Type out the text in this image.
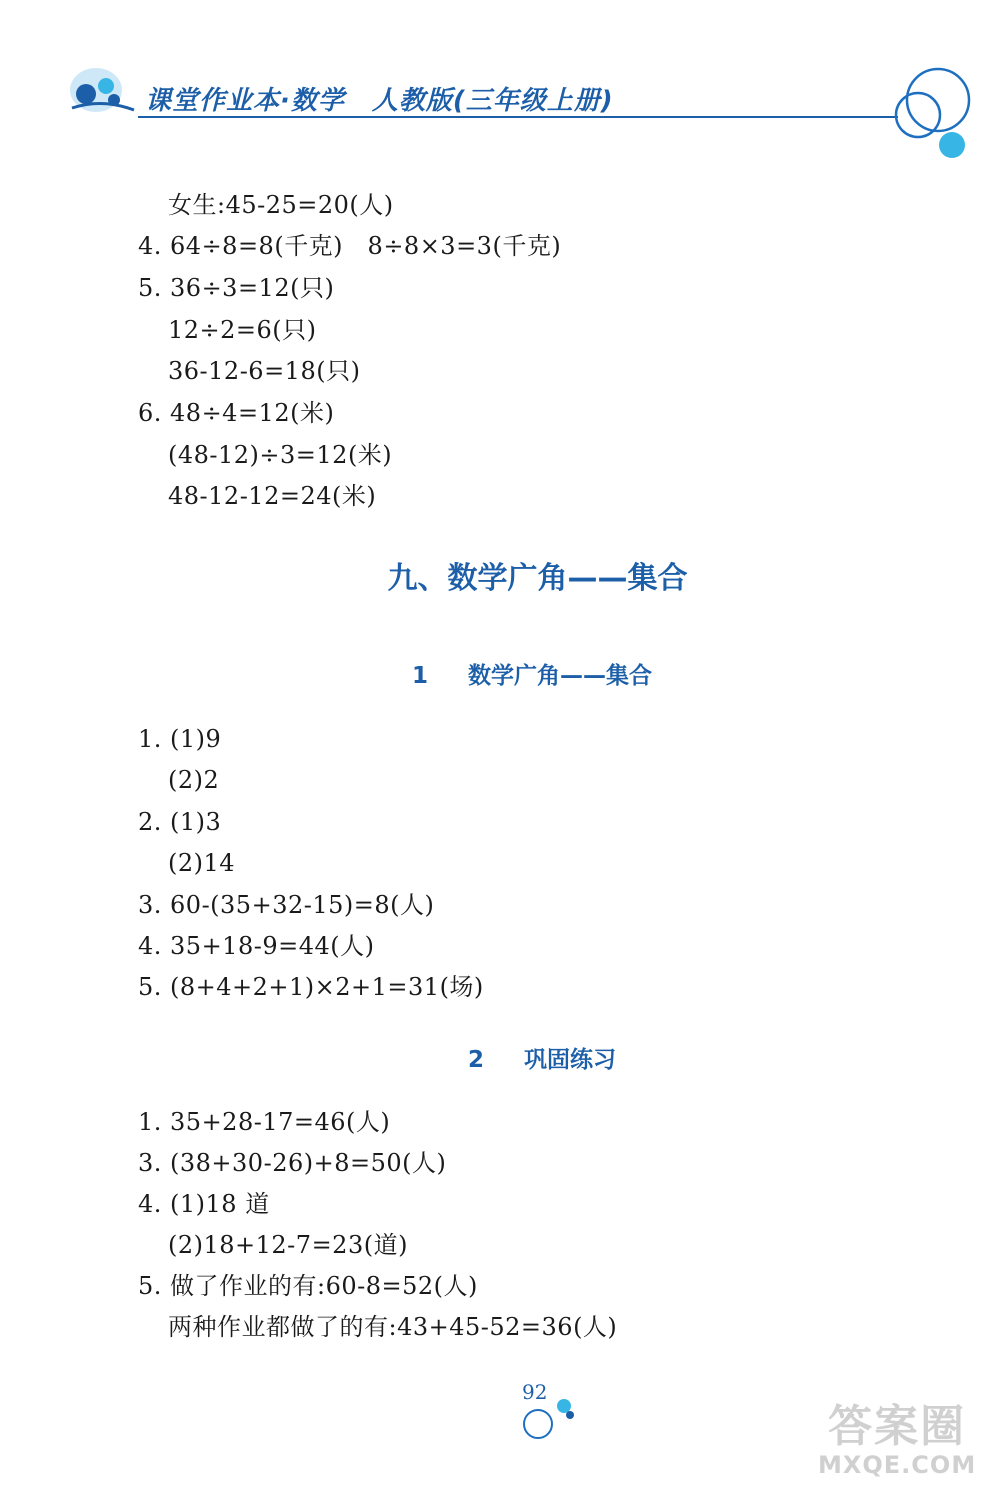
课堂作业本·数学　人教版(三年级上册)
女生:45-25=20(人)
4. 64÷8=8(千克)　8÷8×3=3(千克)
5. 36÷3=12(只)
12÷2=6(只)
36-12-6=18(只)
6. 48÷4=12(米)
(48-12)÷3=12(米)
48-12-12=24(米)
九、数学广角——集合
1 数学广角——集合
1. (1)9
(2)2
2. (1)3
(2)14
3. 60-(35+32-15)=8(人)
4. 35+18-9=44(人)
5. (8+4+2+1)×2+1=31(场)
2 巩固练习
1. 35+28-17=46(人)
3. (38+30-26)+8=50(人)
4. (1)18 道
(2)18+12-7=23(道)
5. 做了作业的有:60-8=52(人)
两种作业都做了的有:43+45-52=36(人)
92
答案圈
MXQE.COM
